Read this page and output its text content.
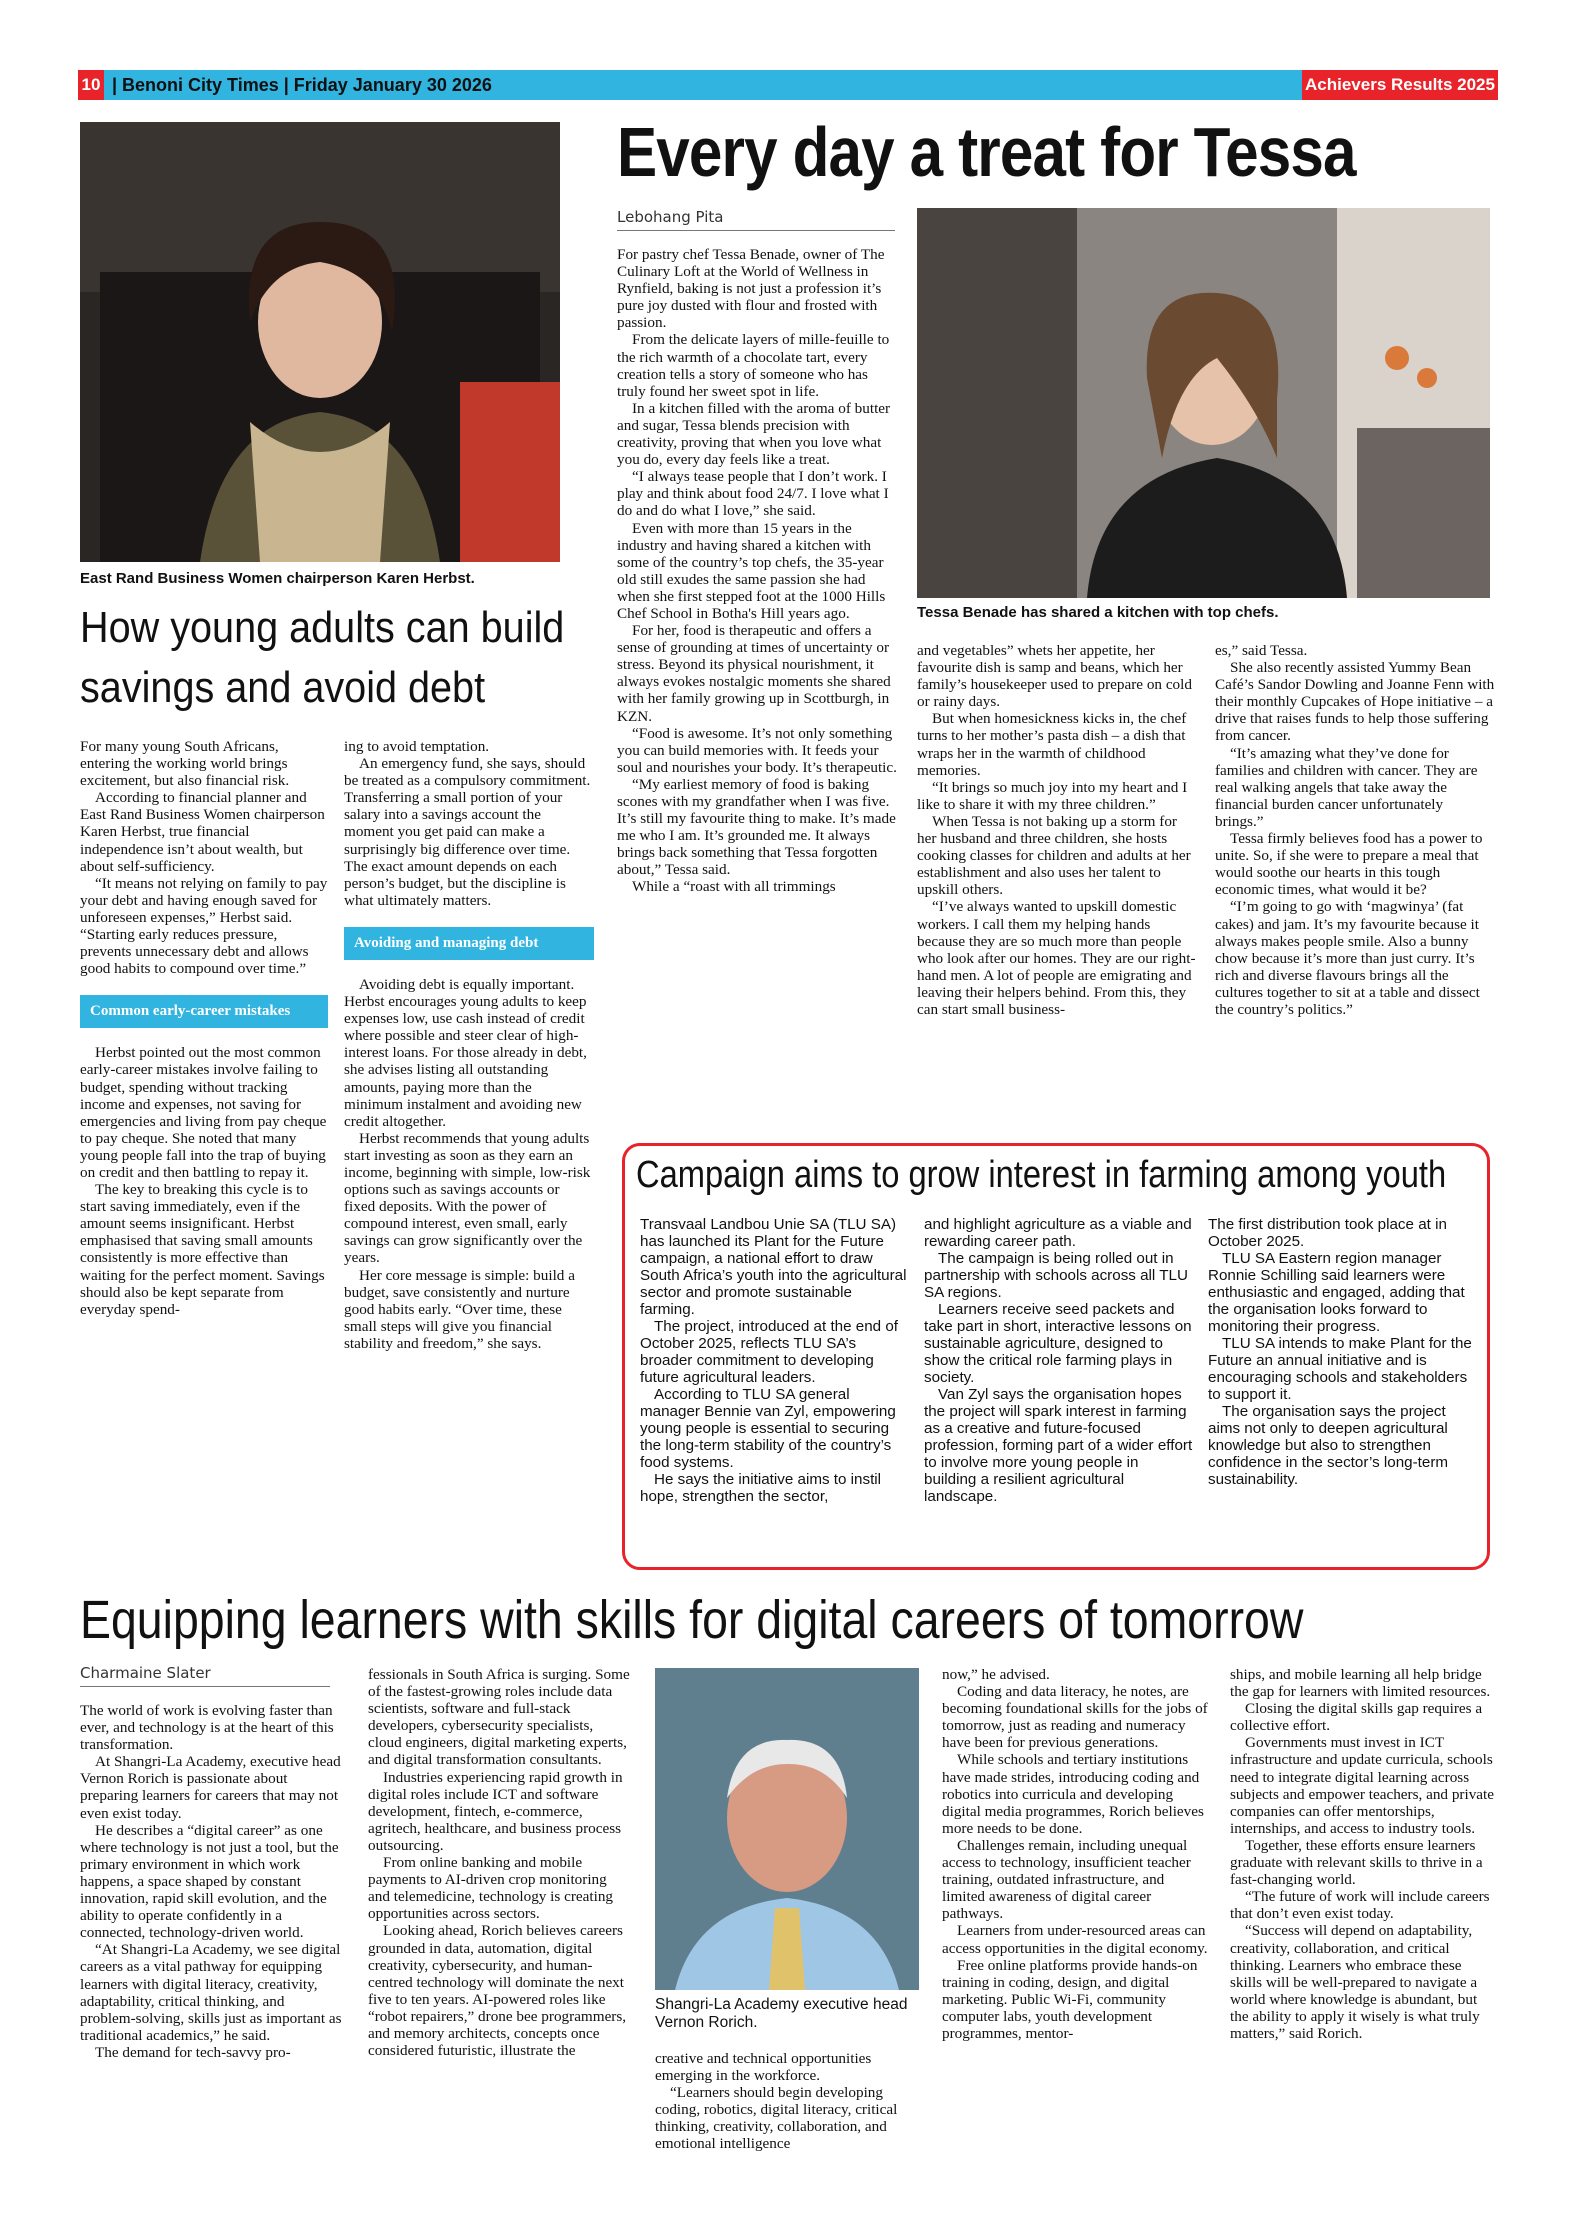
10 | Benoni City Times | Friday January 30 2026	Achievers Results 2025
East Rand Business Women chairperson Karen Herbst.
Every day a treat for Tessa
Lebohang Pita
Tessa Benade has shared a kitchen with top chefs.
How young adults can build savings and avoid debt

For many young South Africans, entering the working world brings excitement, but also financial risk.

According to financial planner and East Rand Business Women chairperson Karen Herbst, true financial independence isn’t about wealth, but about self-sufficiency.

“It means not relying on family to pay your debt and having enough saved for unforeseen expenses,” Herbst said. “Starting early reduces pressure, prevents unnecessary debt and allows good habits to compound over time.”

Common early-career mistakes

Herbst pointed out the most common early-career mistakes involve failing to budget, spending without tracking income and expenses, not saving for emergencies and living from pay cheque to pay cheque. She noted that many young people fall into the trap of buying on credit and then battling to repay it.

The key to breaking this cycle is to start saving immediately, even if the amount seems insignificant. Herbst emphasised that saving small amounts consistently is more effective than waiting for the perfect moment. Savings should also be kept separate from everyday spend-

ing to avoid temptation.

An emergency fund, she says, should be treated as a compulsory commitment. Transferring a small portion of your salary into a savings account the moment you get paid can make a surprisingly big difference over time. The exact amount depends on each person’s budget, but the discipline is what ultimately matters.

Avoiding and managing debt

Avoiding debt is equally important. Herbst encourages young adults to keep expenses low, use cash instead of credit where possible and steer clear of high-interest loans. For those already in debt, she advises listing all outstanding amounts, paying more than the minimum instalment and avoiding new credit altogether.

Herbst recommends that young adults start investing as soon as they earn an income, beginning with simple, low-risk options such as savings accounts or fixed deposits. With the power of compound interest, even small, early savings can grow significantly over the years.

Her core message is simple: build a budget, save consistently and nurture good habits early. “Over time, these small steps will give you financial stability and freedom,” she says.

For pastry chef Tessa Benade, owner of The Culinary Loft at the World of Wellness in Rynfield, baking is not just a profession it’s pure joy dusted with flour and frosted with passion.

From the delicate layers of mille-feuille to the rich warmth of a chocolate tart, every creation tells a story of someone who has truly found her sweet spot in life.

In a kitchen filled with the aroma of butter and sugar, Tessa blends precision with creativity, proving that when you love what you do, every day feels like a treat.

“I always tease people that I don’t work. I play and think about food 24/7. I love what I do and do what I love,” she said.

Even with more than 15 years in the industry and having shared a kitchen with some of the country’s top chefs, the 35-year old still exudes the same passion she had when she first stepped foot at the 1000 Hills Chef School in Botha's Hill years ago.

For her, food is therapeutic and offers a sense of grounding at times of uncertainty or stress. Beyond its physical nourishment, it always evokes nostalgic moments she shared with her family growing up in Scottburgh, in KZN.

“Food is awesome. It’s not only something you can build memories with. It feeds your soul and nourishes your body. It’s therapeutic.

“My earliest memory of food is baking scones with my grandfather when I was five. It’s still my favourite thing to make. It’s made me who I am. It’s grounded me. It always brings back something that Tessa forgotten about,” Tessa said.

While a “roast with all trimmings

and vegetables” whets her appetite, her favourite dish is samp and beans, which her family’s housekeeper used to prepare on cold or rainy days.

But when homesickness kicks in, the chef turns to her mother’s pasta dish – a dish that wraps her in the warmth of childhood memories.

“It brings so much joy into my heart and I like to share it with my three children.”

When Tessa is not baking up a storm for her husband and three children, she hosts cooking classes for children and adults at her establishment and also uses her talent to upskill others.

“I’ve always wanted to upskill domestic workers. I call them my helping hands because they are so much more than people who look after our homes. They are our right-hand men. A lot of people are emigrating and leaving their helpers behind. From this, they can start small business-

es,” said Tessa.

She also recently assisted Yummy Bean Café’s Sandor Dowling and Joanne Fenn with their monthly Cupcakes of Hope initiative – a drive that raises funds to help those suffering from cancer.

“It’s amazing what they’ve done for families and children with cancer. They are real walking angels that take away the financial burden cancer unfortunately brings.”

Tessa firmly believes food has a power to unite. So, if she were to prepare a meal that would soothe our hearts in this tough economic times, what would it be?

“I’m going to go with ‘magwinya’ (fat cakes) and jam. It’s my favourite because it always makes people smile. Also a bunny chow because it’s more than just curry. It’s rich and diverse flavours brings all the cultures together to sit at a table and dissect the country’s politics.”

Campaign aims to grow interest in farming among youth

Transvaal Landbou Unie SA (TLU SA) has launched its Plant for the Future campaign, a national effort to draw South Africa’s youth into the agricultural sector and promote sustainable farming.

The project, introduced at the end of October 2025, reflects TLU SA’s broader commitment to developing future agricultural leaders.

According to TLU SA general manager Bennie van Zyl, empowering young people is essential to securing the long-term stability of the country’s food systems.

He says the initiative aims to instil hope, strengthen the sector,

and highlight agriculture as a viable and rewarding career path.

The campaign is being rolled out in partnership with schools across all TLU SA regions.

Learners receive seed packets and take part in short, interactive lessons on sustainable agriculture, designed to show the critical role farming plays in society.

Van Zyl says the organisation hopes the project will spark interest in farming as a creative and future-focused profession, forming part of a wider effort to involve more young people in building a resilient agricultural landscape.

The first distribution took place at in October 2025.

TLU SA Eastern region manager Ronnie Schilling said learners were enthusiastic and engaged, adding that the organisation looks forward to monitoring their progress.

TLU SA intends to make Plant for the Future an annual initiative and is encouraging schools and stakeholders to support it.

The organisation says the project aims not only to deepen agricultural knowledge but also to strengthen confidence in the sector’s long-term sustainability.

Equipping learners with skills for digital careers of tomorrow
Charmaine Slater

The world of work is evolving faster than ever, and technology is at the heart of this transformation.

At Shangri-La Academy, executive head Vernon Rorich is passionate about preparing learners for careers that may not even exist today.

He describes a “digital career” as one where technology is not just a tool, but the primary environment in which work happens, a space shaped by constant innovation, rapid skill evolution, and the ability to operate confidently in a connected, technology-driven world.

“At Shangri-La Academy, we see digital careers as a vital pathway for equipping learners with digital literacy, creativity, adaptability, critical thinking, and problem-solving, skills just as important as traditional academics,” he said.

The demand for tech-savvy pro-

fessionals in South Africa is surging. Some of the fastest-growing roles include data scientists, software and full-stack developers, cybersecurity specialists, cloud engineers, digital marketing experts, and digital transformation consultants.

Industries experiencing rapid growth in digital roles include ICT and software development, fintech, e-commerce, agritech, healthcare, and business process outsourcing.

From online banking and mobile payments to AI-driven crop monitoring and telemedicine, technology is creating opportunities across sectors.

Looking ahead, Rorich believes careers grounded in data, automation, digital creativity, cybersecurity, and human-centred technology will dominate the next five to ten years. AI-powered roles like “robot repairers,” drone bee programmers, and memory architects, concepts once considered futuristic, illustrate the

Shangri-La Academy executive head Vernon Rorich.

creative and technical opportunities emerging in the workforce.

“Learners should begin developing coding, robotics, digital literacy, critical thinking, creativity, collaboration, and emotional intelligence

now,” he advised.

Coding and data literacy, he notes, are becoming foundational skills for the jobs of tomorrow, just as reading and numeracy have been for previous generations.

While schools and tertiary institutions have made strides, introducing coding and robotics into curricula and developing digital media programmes, Rorich believes more needs to be done.

Challenges remain, including unequal access to technology, insufficient teacher training, outdated infrastructure, and limited awareness of digital career pathways.

Learners from under-resourced areas can access opportunities in the digital economy.

Free online platforms provide hands-on training in coding, design, and digital marketing. Public Wi-Fi, community computer labs, youth development programmes, mentor-

ships, and mobile learning all help bridge the gap for learners with limited resources.

Closing the digital skills gap requires a collective effort.

Governments must invest in ICT infrastructure and update curricula, schools need to integrate digital learning across subjects and empower teachers, and private companies can offer mentorships, internships, and access to industry tools.

Together, these efforts ensure learners graduate with relevant skills to thrive in a fast-changing world.

“The future of work will include careers that don’t even exist today.

“Success will depend on adaptability, creativity, collaboration, and critical thinking. Learners who embrace these skills will be well-prepared to navigate a world where knowledge is abundant, but the ability to apply it wisely is what truly matters,” said Rorich.
